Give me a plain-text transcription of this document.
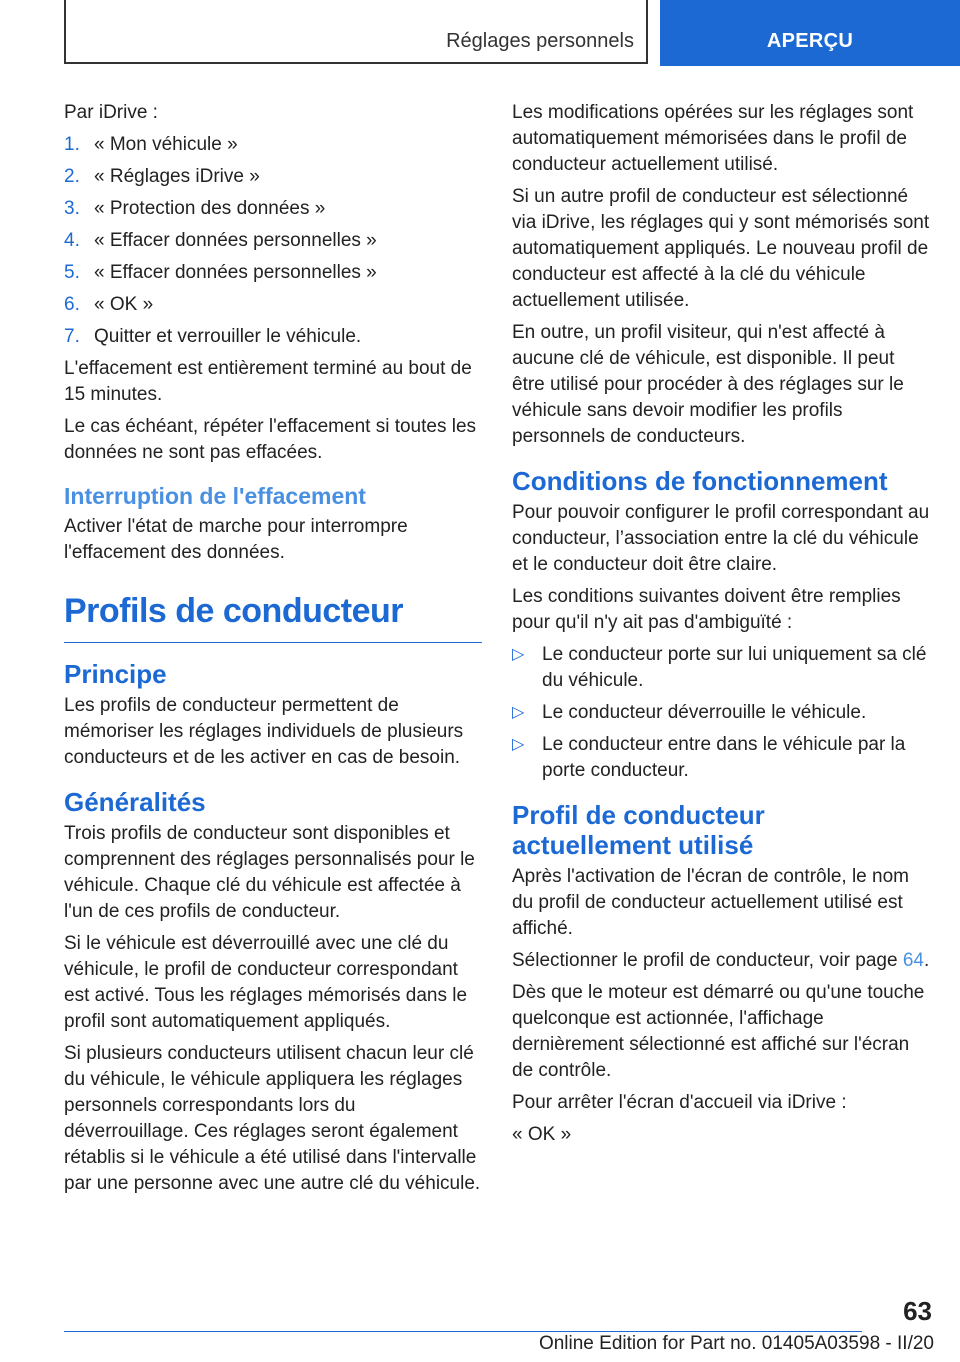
Réglages personnels	APERÇU

Par iDrive :

1. « Mon véhicule »
2. « Réglages iDrive »
3. « Protection des données »
4. « Effacer données personnelles »
5. « Effacer données personnelles »
6. « OK »
7. Quitter et verrouiller le véhicule.

L'effacement est entièrement terminé au bout de 15 minutes.

Le cas échéant, répéter l'effacement si toutes les données ne sont pas effacées.

Interruption de l'effacement

Activer l'état de marche pour interrompre l'effacement des données.

Profils de conducteur
Principe

Les profils de conducteur permettent de mémoriser les réglages individuels de plusieurs conducteurs et de les activer en cas de besoin.

Généralités

Trois profils de conducteur sont disponibles et comprennent des réglages personnalisés pour le véhicule. Chaque clé du véhicule est affectée à l'un de ces profils de conducteur.

Si le véhicule est déverrouillé avec une clé du véhicule, le profil de conducteur correspondant est activé. Tous les réglages mémorisés dans le profil sont automatiquement appliqués.

Si plusieurs conducteurs utilisent chacun leur clé du véhicule, le véhicule appliquera les réglages personnels correspondants lors du déverrouillage. Ces réglages seront également rétablis si le véhicule a été utilisé dans l'intervalle par une personne avec une autre clé du véhicule.

Les modifications opérées sur les réglages sont automatiquement mémorisées dans le profil de conducteur actuellement utilisé.

Si un autre profil de conducteur est sélectionné via iDrive, les réglages qui y sont mémorisés sont automatiquement appliqués. Le nouveau profil de conducteur est affecté à la clé du véhicule actuellement utilisée.

En outre, un profil visiteur, qui n'est affecté à aucune clé de véhicule, est disponible. Il peut être utilisé pour procéder à des réglages sur le véhicule sans devoir modifier les profils personnels de conducteurs.

Conditions de fonctionnement

Pour pouvoir configurer le profil correspondant au conducteur, l’association entre la clé du véhicule et le conducteur doit être claire.

Les conditions suivantes doivent être remplies pour qu'il n'y ait pas d'ambiguïté :

▷ Le conducteur porte sur lui uniquement sa clé du véhicule.
▷ Le conducteur déverrouille le véhicule.
▷ Le conducteur entre dans le véhicule par la porte conducteur.
Profil de conducteur actuellement utilisé

Après l'activation de l'écran de contrôle, le nom du profil de conducteur actuellement utilisé est affiché.

Sélectionner le profil de conducteur, voir page 64.

Dès que le moteur est démarré ou qu'une touche quelconque est actionnée, l'affichage dernièrement sélectionné est affiché sur l'écran de contrôle.

Pour arrêter l'écran d'accueil via iDrive :

« OK »

63
Online Edition for Part no. 01405A03598 - II/20
